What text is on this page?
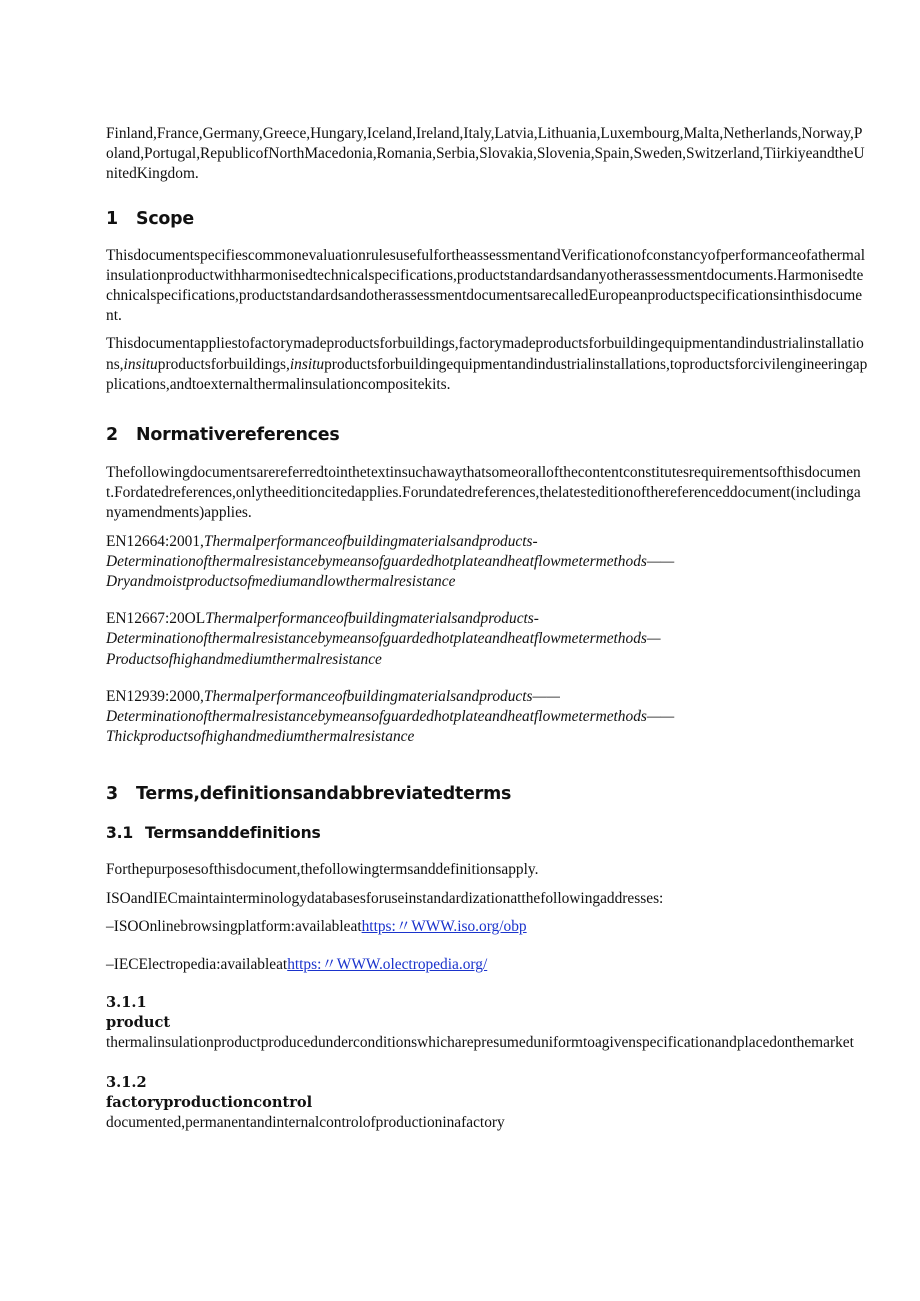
Finland,France,Germany,Greece,Hungary,Iceland,Ireland,Italy,Latvia,Lithuania,Luxembourg,Malta,Netherlands,Norway,Poland,Portugal,RepublicofNorthMacedonia,Romania,Serbia,Slovakia,Slovenia,Spain,Sweden,Switzerland,TiirkiyeandtheUnitedKingdom.

1 Scope

ThisdocumentspecifiescommonevaluationrulesusefulfortheassessmentandVerificationofconstancyofperformanceofathermalinsulationproductwithharmonisedtechnicalspecifications,productstandardsandanyotherassessmentdocuments.Harmonisedtechnicalspecifications,productstandardsandotherassessmentdocumentsarecalledEuropeanproductspecificationsinthisdocument.

Thisdocumentappliestofactorymadeproductsforbuildings,factorymadeproductsforbuildingequipmentandindustrialinstallations,insituproductsforbuildings,insituproductsforbuildingequipmentandindustrialinstallations,toproductsforcivilengineeringapplications,andtoexternalthermalinsulationcompositekits.

2 Normativereferences

Thefollowingdocumentsarereferredtointhetextinsuchawaythatsomeorallofthecontentconstitutesrequirementsofthisdocument.Fordatedreferences,onlytheeditioncitedapplies.Forundatedreferences,thelatesteditionofthereferenceddocument(includinganyamendments)applies.

EN12664:2001,Thermalperformanceofbuildingmaterialsandproducts-
Determinationofthermalresistancebymeansofguardedhotplateandheatflowmetermethods——
Dryandmoistproductsofmediumandlowthermalresistance

EN12667:20OLThermalperformanceofbuildingmaterialsandproducts-
Determinationofthermalresistancebymeansofguardedhotplateandheatflowmetermethods—
Productsofhighandmediumthermalresistance

EN12939:2000,Thermalperformanceofbuildingmaterialsandproducts——
Determinationofthermalresistancebymeansofguardedhotplateandheatflowmetermethods——
Thickproductsofhighandmediumthermalresistance

3 Terms,definitionsandabbreviatedterms
3.1 Termsanddefinitions

Forthepurposesofthisdocument,thefollowingtermsanddefinitionsapply.

ISOandIECmaintainterminologydatabasesforuseinstandardizationatthefollowingaddresses:

–ISOOnlinebrowsingplatform:availableathttps:〃WWW.iso.org/obp

–IECElectropedia:availableathttps:〃WWW.olectropedia.org/

3.1.1
product

thermalinsulationproductproducedunderconditionswhicharepresumeduniformtoagivenspecificationandplacedonthemarket

3.1.2
factoryproductioncontrol

documented,permanentandinternalcontrolofproductioninafactory
